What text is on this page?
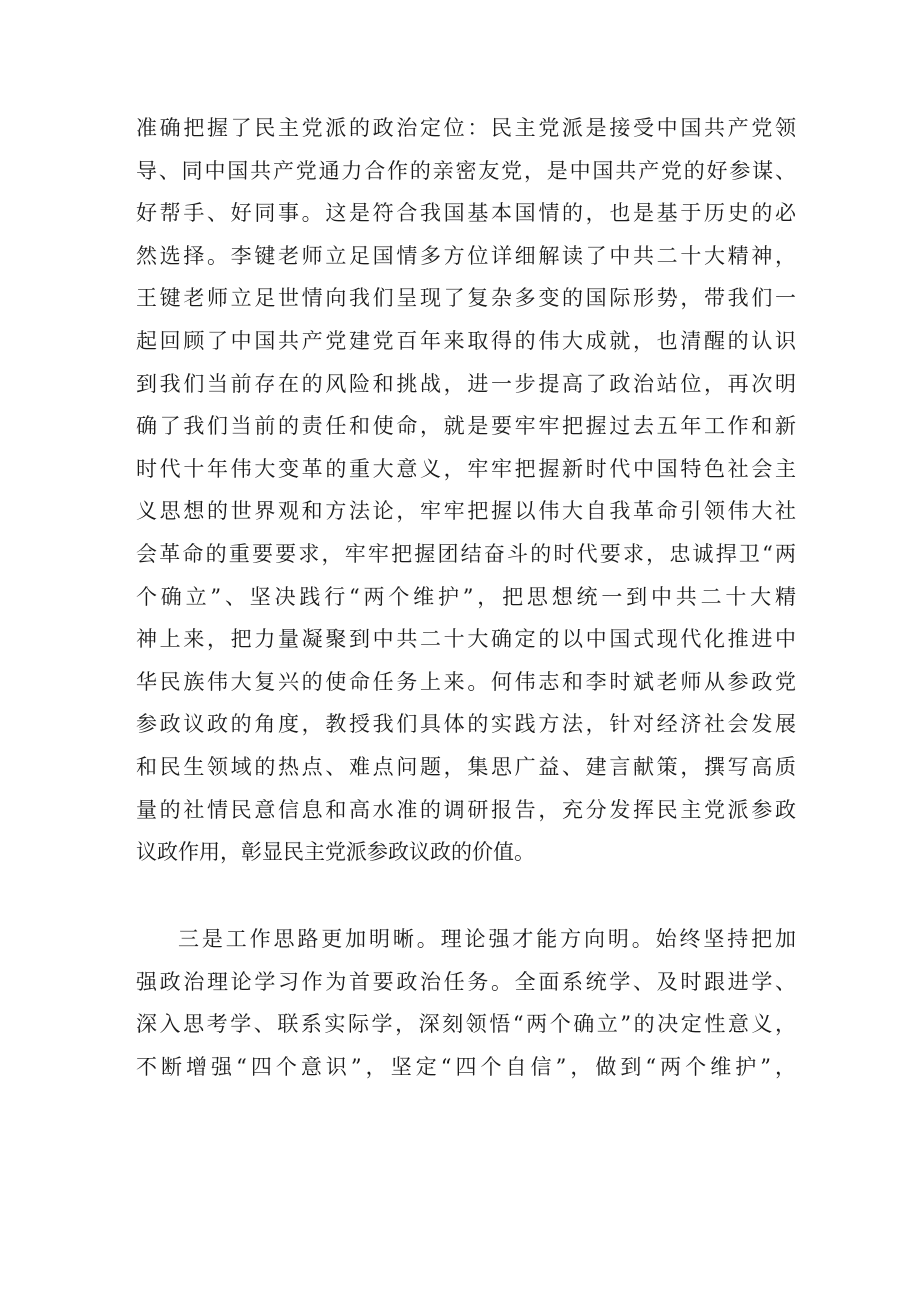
准确把握了民主党派的政治定位：民主党派是接受中国共产党领
导、同中国共产党通力合作的亲密友党，是中国共产党的好参谋、
好帮手、好同事。这是符合我国基本国情的，也是基于历史的必
然选择。李键老师立足国情多方位详细解读了中共二十大精神，
王键老师立足世情向我们呈现了复杂多变的国际形势，带我们一
起回顾了中国共产党建党百年来取得的伟大成就，也清醒的认识
到我们当前存在的风险和挑战，进一步提高了政治站位，再次明
确了我们当前的责任和使命，就是要牢牢把握过去五年工作和新
时代十年伟大变革的重大意义，牢牢把握新时代中国特色社会主
义思想的世界观和方法论，牢牢把握以伟大自我革命引领伟大社
会革命的重要要求，牢牢把握团结奋斗的时代要求，忠诚捍卫“两
个确立”、坚决践行“两个维护”，把思想统一到中共二十大精
神上来，把力量凝聚到中共二十大确定的以中国式现代化推进中
华民族伟大复兴的使命任务上来。何伟志和李时斌老师从参政党
参政议政的角度，教授我们具体的实践方法，针对经济社会发展
和民生领域的热点、难点问题，集思广益、建言献策，撰写高质
量的社情民意信息和高水准的调研报告，充分发挥民主党派参政
议政作用，彰显民主党派参政议政的价值。
三是工作思路更加明晰。理论强才能方向明。始终坚持把加
强政治理论学习作为首要政治任务。全面系统学、及时跟进学、
深入思考学、联系实际学，深刻领悟“两个确立”的决定性意义，
不断增强“四个意识”，坚定“四个自信”，做到“两个维护”，
